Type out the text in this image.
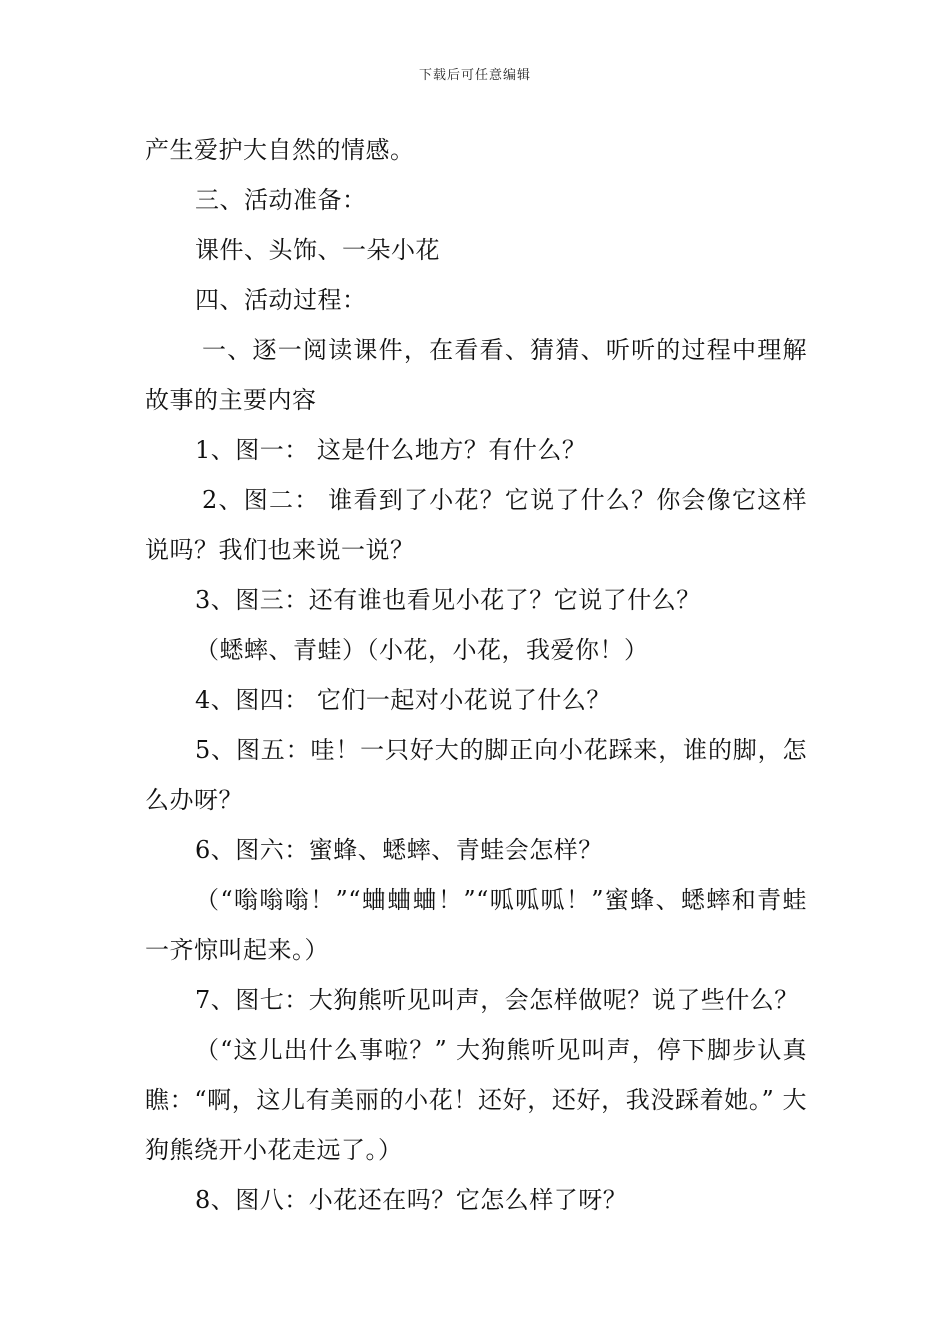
下载后可任意编辑

产生爱护大自然的情感。

三、活动准备：

课件、头饰、一朵小花

四、活动过程：

一、逐一阅读课件，在看看、猜猜、听听的过程中理解故事的主要内容

1、图一： 这是什么地方？有什么？

2、图二： 谁看到了小花？它说了什么？你会像它这样说吗？我们也来说一说？

3、图三：还有谁也看见小花了？它说了什么？

（蟋蟀、青蛙）（小花，小花，我爱你！）

4、图四： 它们一起对小花说了什么？

5、图五：哇！一只好大的脚正向小花踩来，谁的脚，怎么办呀？

6、图六：蜜蜂、蟋蟀、青蛙会怎样？

（“嗡嗡嗡！”“蛐蛐蛐！”“呱呱呱！”蜜蜂、蟋蟀和青蛙一齐惊叫起来。）

7、图七：大狗熊听见叫声，会怎样做呢？说了些什么？

（“这儿出什么事啦？” 大狗熊听见叫声，停下脚步认真瞧：“啊，这儿有美丽的小花！还好，还好，我没踩着她。” 大狗熊绕开小花走远了。）

8、图八：小花还在吗？它怎么样了呀？
